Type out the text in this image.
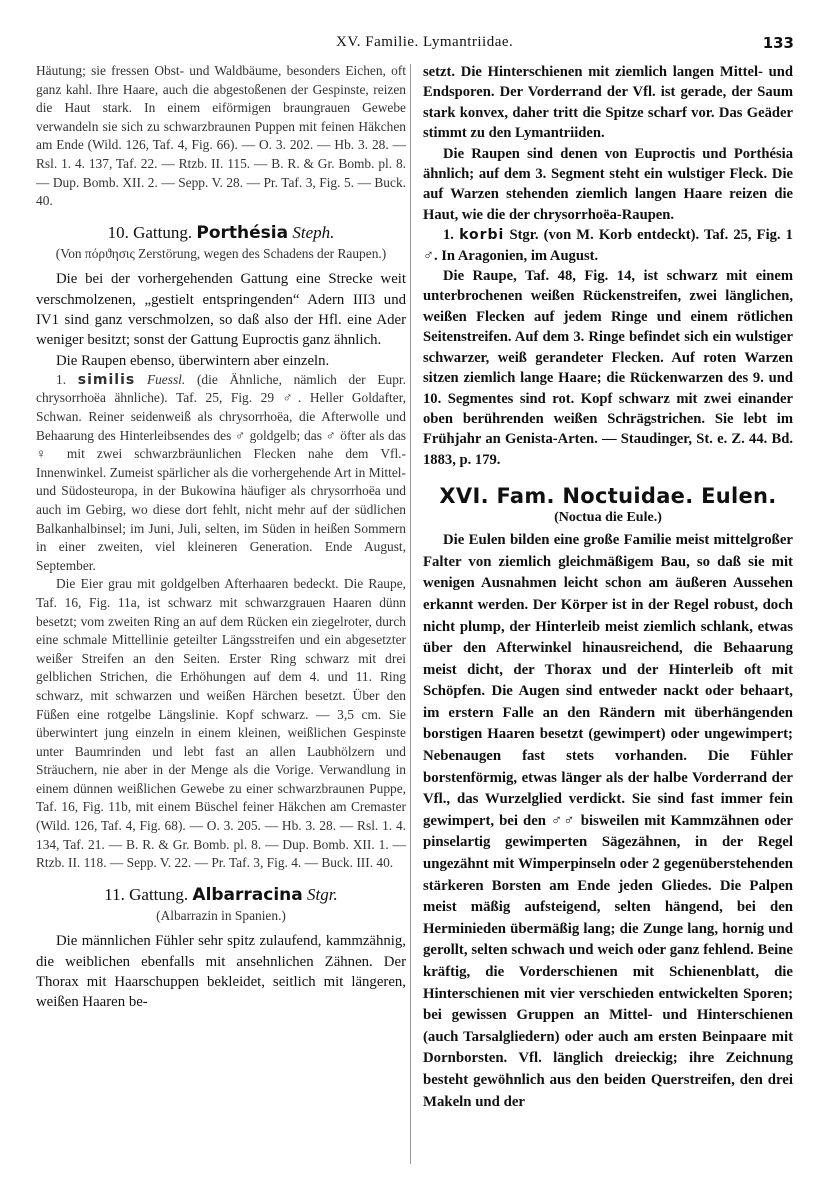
XV. Familie. Lymantriidae.	133

Häutung; sie fressen Obst- und Waldbäume, besonders Eichen, oft ganz kahl. Ihre Haare, auch die abgestoßenen der Gespinste, reizen die Haut stark. In einem eiförmigen braungrauen Gewebe verwandeln sie sich zu schwarzbraunen Puppen mit feinen Häkchen am Ende (Wild. 126, Taf. 4, Fig. 66). — O. 3. 202. — Hb. 3. 28. — Rsl. 1. 4. 137, Taf. 22. — Rtzb. II. 115. — B. R. & Gr. Bomb. pl. 8. — Dup. Bomb. XII. 2. — Sepp. V. 28. — Pr. Taf. 3, Fig. 5. — Buck. 40.

10. Gattung. Porthésia Steph.

(Von πόρϑησις Zerstörung, wegen des Schadens der Raupen.)

Die bei der vorhergehenden Gattung eine Strecke weit verschmolzenen, „gestielt entspringenden“ Adern III3 und IV1 sind ganz verschmolzen, so daß also der Hfl. eine Ader weniger besitzt; sonst der Gattung Euproctis ganz ähnlich.

Die Raupen ebenso, überwintern aber einzeln.

1. similis Fuessl. (die Ähnliche, nämlich der Eupr. chrysorrhoëa ähnliche). Taf. 25, Fig. 29 ♂. Heller Goldafter, Schwan. Reiner seidenweiß als chrysorrhoëa, die Afterwolle und Behaarung des Hinterleibsendes des ♂ goldgelb; das ♂ öfter als das ♀ mit zwei schwarzbräunlichen Flecken nahe dem Vfl.-Innenwinkel. Zumeist spärlicher als die vorhergehende Art in Mittel- und Südosteuropa, in der Bukowina häufiger als chrysorrhoëa und auch im Gebirg, wo diese dort fehlt, nicht mehr auf der südlichen Balkanhalbinsel; im Juni, Juli, selten, im Süden in heißen Sommern in einer zweiten, viel kleineren Generation. Ende August, September.

Die Eier grau mit goldgelben Afterhaaren bedeckt. Die Raupe, Taf. 16, Fig. 11a, ist schwarz mit schwarzgrauen Haaren dünn besetzt; vom zweiten Ring an auf dem Rücken ein ziegelroter, durch eine schmale Mittellinie geteilter Längsstreifen und ein abgesetzter weißer Streifen an den Seiten. Erster Ring schwarz mit drei gelblichen Strichen, die Erhöhungen auf dem 4. und 11. Ring schwarz, mit schwarzen und weißen Härchen besetzt. Über den Füßen eine rotgelbe Längslinie. Kopf schwarz. — 3,5 cm. Sie überwintert jung einzeln in einem kleinen, weißlichen Gespinste unter Baumrinden und lebt fast an allen Laubhölzern und Sträuchern, nie aber in der Menge als die Vorige. Verwandlung in einem dünnen weißlichen Gewebe zu einer schwarzbraunen Puppe, Taf. 16, Fig. 11b, mit einem Büschel feiner Häkchen am Cremaster (Wild. 126, Taf. 4, Fig. 68). — O. 3. 205. — Hb. 3. 28. — Rsl. 1. 4. 134, Taf. 21. — B. R. & Gr. Bomb. pl. 8. — Dup. Bomb. XII. 1. — Rtzb. II. 118. — Sepp. V. 22. — Pr. Taf. 3, Fig. 4. — Buck. III. 40.

11. Gattung. Albarracina Stgr.

(Albarrazin in Spanien.)

Die männlichen Fühler sehr spitz zulaufend, kammzähnig, die weiblichen ebenfalls mit ansehnlichen Zähnen. Der Thorax mit Haarschuppen bekleidet, seitlich mit längeren, weißen Haaren be-

setzt. Die Hinterschienen mit ziemlich langen Mittel- und Endsporen. Der Vorderrand der Vfl. ist gerade, der Saum stark konvex, daher tritt die Spitze scharf vor. Das Geäder stimmt zu den Lymantriiden.

Die Raupen sind denen von Euproctis und Porthésia ähnlich; auf dem 3. Segment steht ein wulstiger Fleck. Die auf Warzen stehenden ziemlich langen Haare reizen die Haut, wie die der chrysorrhoëa-Raupen.

1. korbi Stgr. (von M. Korb entdeckt). Taf. 25, Fig. 1 ♂. In Aragonien, im August.

Die Raupe, Taf. 48, Fig. 14, ist schwarz mit einem unterbrochenen weißen Rückenstreifen, zwei länglichen, weißen Flecken auf jedem Ringe und einem rötlichen Seitenstreifen. Auf dem 3. Ringe befindet sich ein wulstiger schwarzer, weiß gerandeter Flecken. Auf roten Warzen sitzen ziemlich lange Haare; die Rückenwarzen des 9. und 10. Segmentes sind rot. Kopf schwarz mit zwei einander oben berührenden weißen Schrägstrichen. Sie lebt im Frühjahr an Genista-Arten. — Staudinger, St. e. Z. 44. Bd. 1883, p. 179.

XVI. Fam. Noctuidae. Eulen.
(Noctua die Eule.)

Die Eulen bilden eine große Familie meist mittelgroßer Falter von ziemlich gleichmäßigem Bau, so daß sie mit wenigen Ausnahmen leicht schon am äußeren Aussehen erkannt werden. Der Körper ist in der Regel robust, doch nicht plump, der Hinterleib meist ziemlich schlank, etwas über den Afterwinkel hinausreichend, die Behaarung meist dicht, der Thorax und der Hinterleib oft mit Schöpfen. Die Augen sind entweder nackt oder behaart, im erstern Falle an den Rändern mit überhängenden borstigen Haaren besetzt (gewimpert) oder ungewimpert; Nebenaugen fast stets vorhanden. Die Fühler borstenförmig, etwas länger als der halbe Vorderrand der Vfl., das Wurzelglied verdickt. Sie sind fast immer fein gewimpert, bei den ♂♂ bisweilen mit Kammzähnen oder pinselartig gewimperten Sägezähnen, in der Regel ungezähnt mit Wimperpinseln oder 2 gegenüberstehenden stärkeren Borsten am Ende jeden Gliedes. Die Palpen meist mäßig aufsteigend, selten hängend, bei den Herminieden übermäßig lang; die Zunge lang, hornig und gerollt, selten schwach und weich oder ganz fehlend. Beine kräftig, die Vorderschienen mit Schienenblatt, die Hinterschienen mit vier verschieden entwickelten Sporen; bei gewissen Gruppen an Mittel- und Hinterschienen (auch Tarsalgliedern) oder auch am ersten Beinpaare mit Dornborsten. Vfl. länglich dreieckig; ihre Zeichnung besteht gewöhnlich aus den beiden Querstreifen, den drei Makeln und der
